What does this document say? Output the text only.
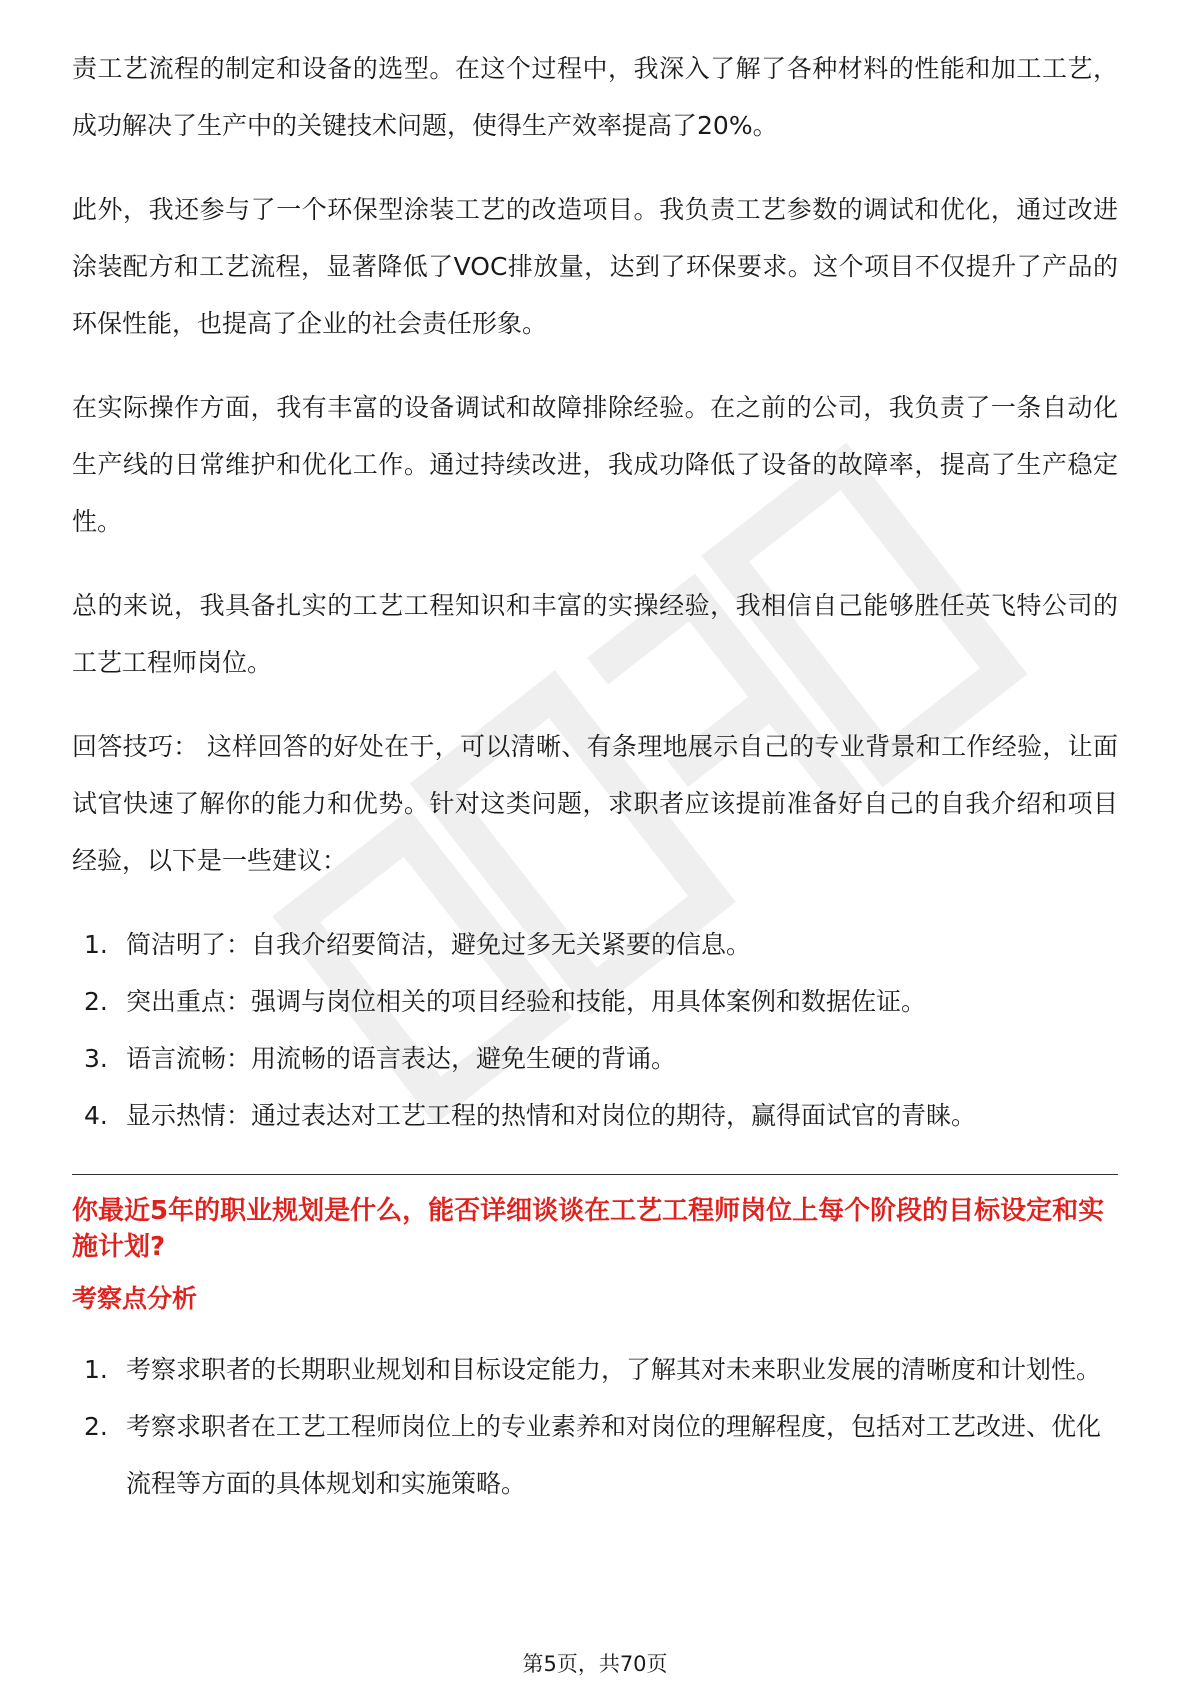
责工艺流程的制定和设备的选型。在这个过程中，我深入了解了各种材料的性能和加工工艺，成功解决了生产中的关键技术问题，使得生产效率提高了20%。

此外，我还参与了一个环保型涂装工艺的改造项目。我负责工艺参数的调试和优化，通过改进涂装配方和工艺流程，显著降低了VOC排放量，达到了环保要求。这个项目不仅提升了产品的环保性能，也提高了企业的社会责任形象。

在实际操作方面，我有丰富的设备调试和故障排除经验。在之前的公司，我负责了一条自动化生产线的日常维护和优化工作。通过持续改进，我成功降低了设备的故障率，提高了生产稳定性。

总的来说，我具备扎实的工艺工程知识和丰富的实操经验，我相信自己能够胜任英飞特公司的工艺工程师岗位。

回答技巧： 这样回答的好处在于，可以清晰、有条理地展示自己的专业背景和工作经验，让面试官快速了解你的能力和优势。针对这类问题，求职者应该提前准备好自己的自我介绍和项目经验，以下是一些建议：

1. 简洁明了：自我介绍要简洁，避免过多无关紧要的信息。
2. 突出重点：强调与岗位相关的项目经验和技能，用具体案例和数据佐证。
3. 语言流畅：用流畅的语言表达，避免生硬的背诵。
4. 显示热情：通过表达对工艺工程的热情和对岗位的期待，赢得面试官的青睐。
你最近5年的职业规划是什么，能否详细谈谈在工艺工程师岗位上每个阶段的目标设定和实施计划?
考察点分析
1. 考察求职者的长期职业规划和目标设定能力，了解其对未来职业发展的清晰度和计划性。
2. 考察求职者在工艺工程师岗位上的专业素养和对岗位的理解程度，包括对工艺改进、优化流程等方面的具体规划和实施策略。
第5页，共70页
